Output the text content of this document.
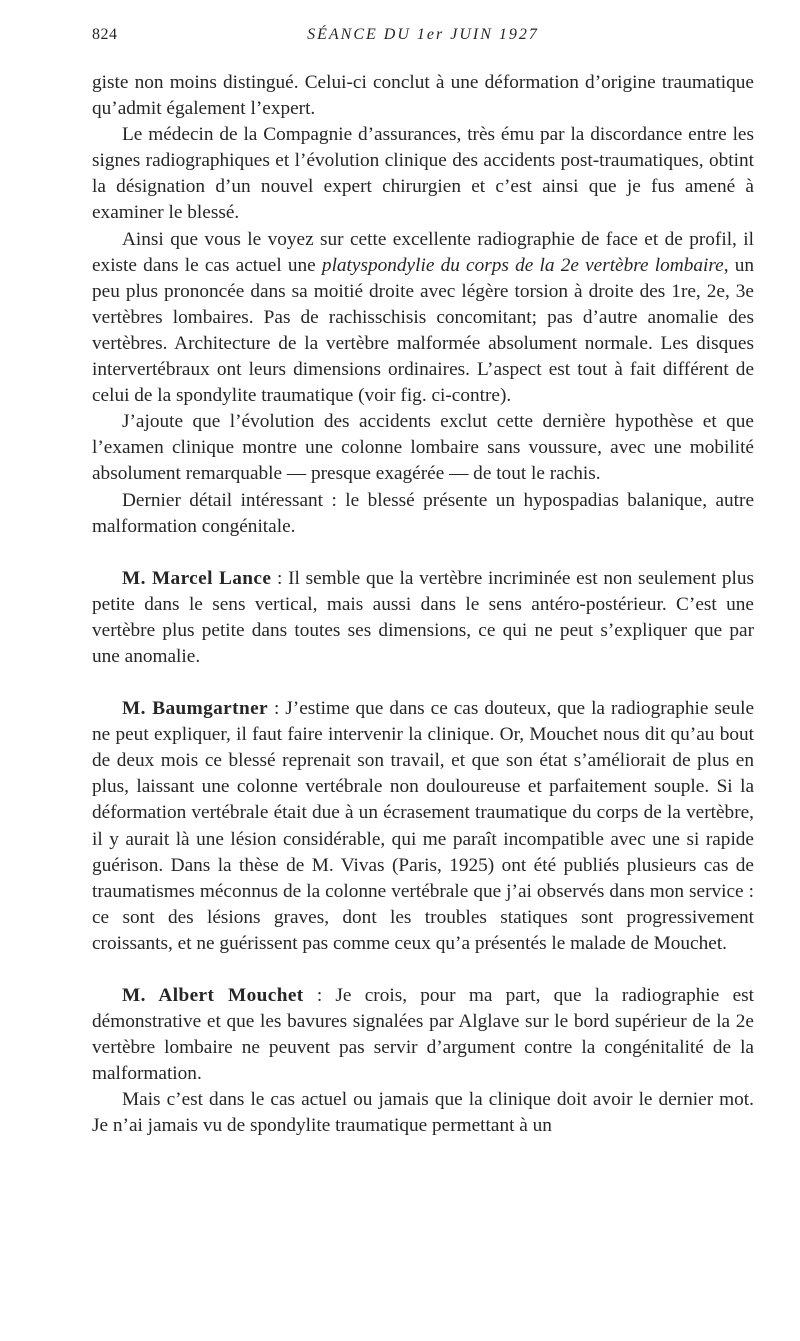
824	SÉANCE DU 1er JUIN 1927

giste non moins distingué. Celui-ci conclut à une déformation d’origine traumatique qu’admit également l’expert.

Le médecin de la Compagnie d’assurances, très ému par la discordance entre les signes radiographiques et l’évolution clinique des accidents post-traumatiques, obtint la désignation d’un nouvel expert chirurgien et c’est ainsi que je fus amené à examiner le blessé.

Ainsi que vous le voyez sur cette excellente radiographie de face et de profil, il existe dans le cas actuel une platyspondylie du corps de la 2e vertèbre lombaire, un peu plus prononcée dans sa moitié droite avec légère torsion à droite des 1re, 2e, 3e vertèbres lombaires. Pas de rachisschisis concomitant; pas d’autre anomalie des vertèbres. Architecture de la vertèbre malformée absolument normale. Les disques intervertébraux ont leurs dimensions ordinaires. L’aspect est tout à fait différent de celui de la spondylite traumatique (voir fig. ci-contre).

J’ajoute que l’évolution des accidents exclut cette dernière hypothèse et que l’examen clinique montre une colonne lombaire sans voussure, avec une mobilité absolument remarquable — presque exagérée — de tout le rachis.

Dernier détail intéressant : le blessé présente un hypospadias balanique, autre malformation congénitale.

M. Marcel Lance : Il semble que la vertèbre incriminée est non seulement plus petite dans le sens vertical, mais aussi dans le sens antéro-postérieur. C’est une vertèbre plus petite dans toutes ses dimensions, ce qui ne peut s’expliquer que par une anomalie.

M. Baumgartner : J’estime que dans ce cas douteux, que la radiographie seule ne peut expliquer, il faut faire intervenir la clinique. Or, Mouchet nous dit qu’au bout de deux mois ce blessé reprenait son travail, et que son état s’améliorait de plus en plus, laissant une colonne vertébrale non douloureuse et parfaitement souple. Si la déformation vertébrale était due à un écrasement traumatique du corps de la vertèbre, il y aurait là une lésion considérable, qui me paraît incompatible avec une si rapide guérison. Dans la thèse de M. Vivas (Paris, 1925) ont été publiés plusieurs cas de traumatismes méconnus de la colonne vertébrale que j’ai observés dans mon service : ce sont des lésions graves, dont les troubles statiques sont progressivement croissants, et ne guérissent pas comme ceux qu’a présentés le malade de Mouchet.

M. Albert Mouchet : Je crois, pour ma part, que la radiographie est démonstrative et que les bavures signalées par Alglave sur le bord supérieur de la 2e vertèbre lombaire ne peuvent pas servir d’argument contre la congénitalité de la malformation.

Mais c’est dans le cas actuel ou jamais que la clinique doit avoir le dernier mot. Je n’ai jamais vu de spondylite traumatique permettant à un
